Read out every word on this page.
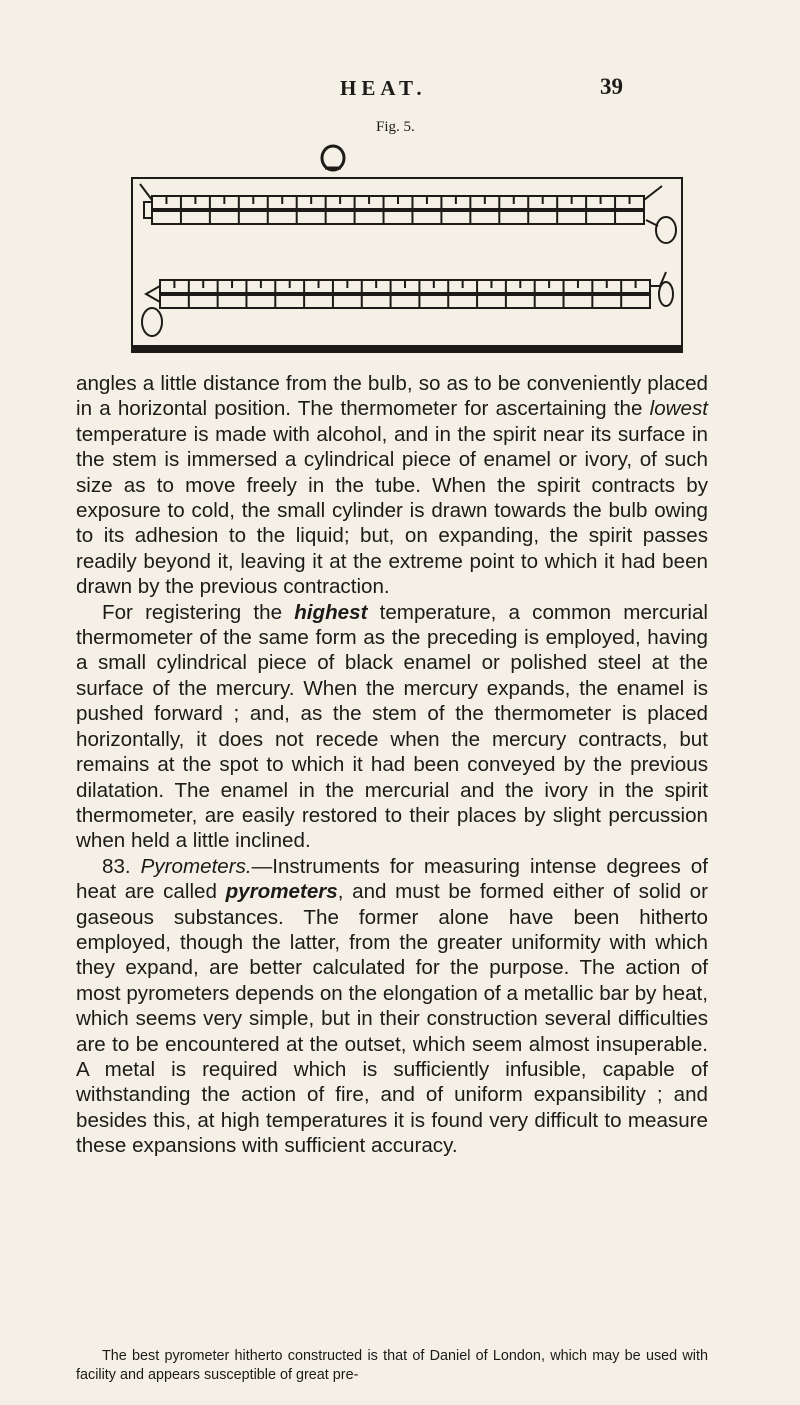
HEAT.	39
Fig. 5.

angles a little distance from the bulb, so as to be conveniently placed in a horizontal position. The thermometer for ascertaining the lowest temperature is made with alcohol, and in the spirit near its surface in the stem is immersed a cylindrical piece of enamel or ivory, of such size as to move freely in the tube. When the spirit contracts by exposure to cold, the small cylinder is drawn towards the bulb owing to its adhesion to the liquid; but, on expanding, the spirit passes readily beyond it, leaving it at the extreme point to which it had been drawn by the previous contraction.

For registering the highest temperature, a common mercurial thermometer of the same form as the preceding is employed, having a small cylindrical piece of black enamel or polished steel at the surface of the mercury. When the mercury expands, the enamel is pushed forward ; and, as the stem of the thermometer is placed horizontally, it does not recede when the mercury contracts, but remains at the spot to which it had been conveyed by the previous dilatation. The enamel in the mercurial and the ivory in the spirit thermometer, are easily restored to their places by slight percussion when held a little inclined.

83. Pyrometers.—Instruments for measuring intense degrees of heat are called pyrometers, and must be formed either of solid or gaseous substances. The former alone have been hitherto employed, though the latter, from the greater uniformity with which they expand, are better calculated for the purpose. The action of most pyrometers depends on the elongation of a metallic bar by heat, which seems very simple, but in their construction several difficulties are to be encountered at the outset, which seem almost insuperable. A metal is required which is sufficiently infusible, capable of withstanding the action of fire, and of uniform expansibility ; and besides this, at high temperatures it is found very difficult to measure these expansions with sufficient accuracy.

The best pyrometer hitherto constructed is that of Daniel of London, which may be used with facility and appears susceptible of great pre-
